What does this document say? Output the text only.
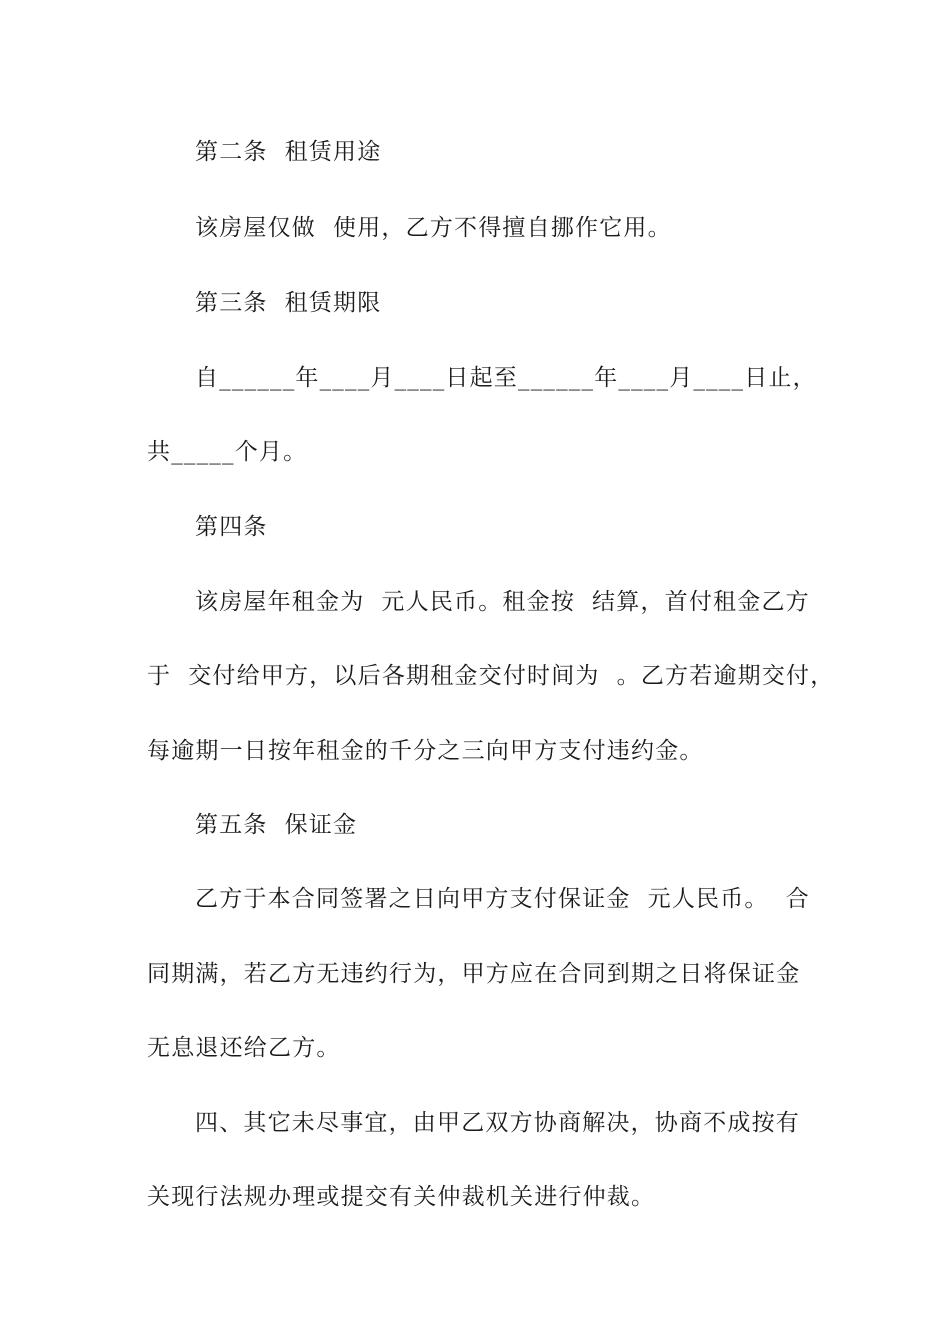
第二条  租赁用途
该房屋仅做  使用，乙方不得擅自挪作它用。
第三条  租赁期限
自______年____月____日起至______年____月____日止，
共_____个月。
第四条
该房屋年租金为  元人民币。租金按  结算，首付租金乙方
于  交付给甲方，以后各期租金交付时间为  。乙方若逾期交付，
每逾期一日按年租金的千分之三向甲方支付违约金。
第五条  保证金
乙方于本合同签署之日向甲方支付保证金  元人民币。  合
同期满，若乙方无违约行为，甲方应在合同到期之日将保证金
无息退还给乙方。
四、其它未尽事宜，由甲乙双方协商解决，协商不成按有
关现行法规办理或提交有关仲裁机关进行仲裁。
